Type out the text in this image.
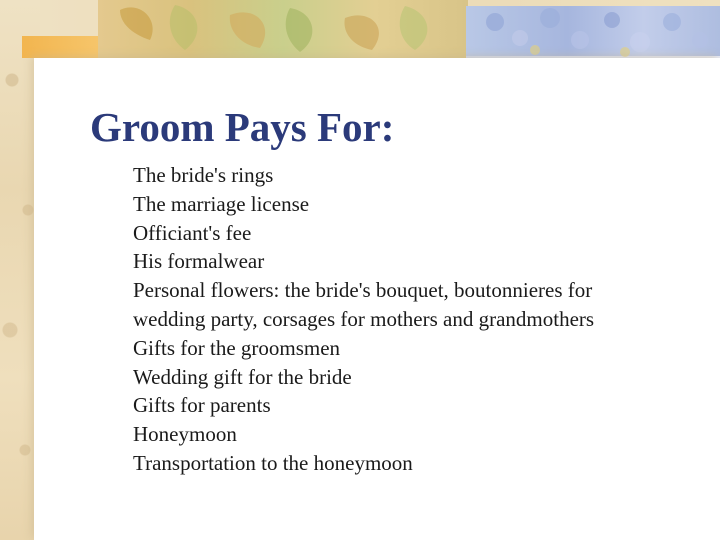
Groom Pays For:
The bride's rings
The marriage license
Officiant's fee
His formalwear
Personal flowers: the bride's bouquet, boutonnieres for wedding party, corsages for mothers and grandmothers
Gifts for the groomsmen
Wedding gift for the bride
Gifts for parents
Honeymoon
Transportation to the honeymoon
